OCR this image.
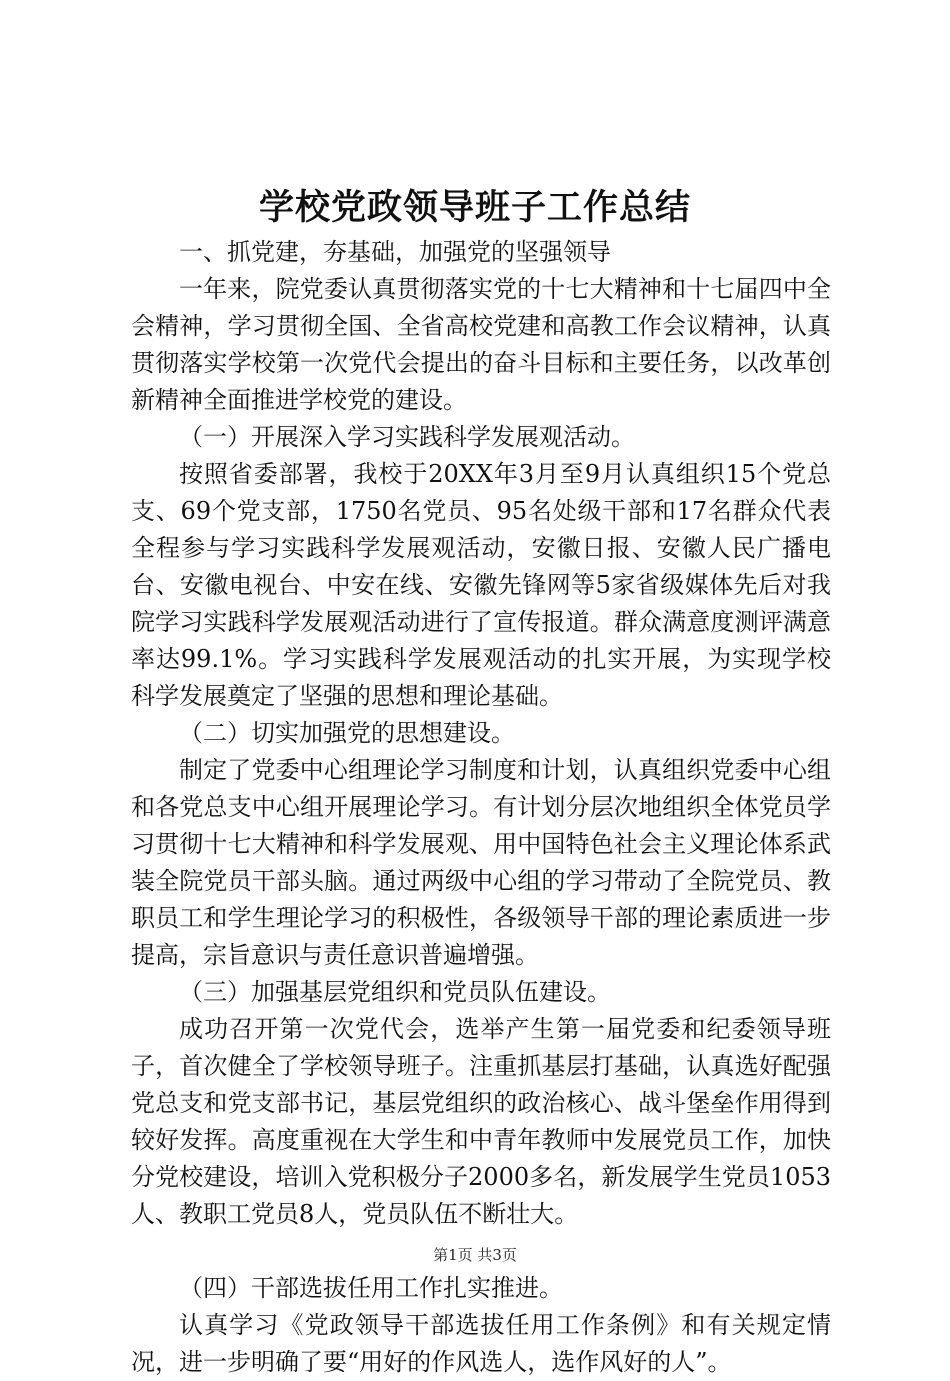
学校党政领导班子工作总结

一、抓党建，夯基础，加强党的坚强领导

一年来，院党委认真贯彻落实党的十七大精神和十七届四中全会精神，学习贯彻全国、全省高校党建和高教工作会议精神，认真贯彻落实学校第一次党代会提出的奋斗目标和主要任务，以改革创新精神全面推进学校党的建设。

（一）开展深入学习实践科学发展观活动。

按照省委部署，我校于20XX年3月至9月认真组织15个党总支、69个党支部，1750名党员、95名处级干部和17名群众代表全程参与学习实践科学发展观活动，安徽日报、安徽人民广播电台、安徽电视台、中安在线、安徽先锋网等5家省级媒体先后对我院学习实践科学发展观活动进行了宣传报道。群众满意度测评满意率达99.1%。学习实践科学发展观活动的扎实开展，为实现学校科学发展奠定了坚强的思想和理论基础。

（二）切实加强党的思想建设。

制定了党委中心组理论学习制度和计划，认真组织党委中心组和各党总支中心组开展理论学习。有计划分层次地组织全体党员学习贯彻十七大精神和科学发展观、用中国特色社会主义理论体系武装全院党员干部头脑。通过两级中心组的学习带动了全院党员、教职员工和学生理论学习的积极性，各级领导干部的理论素质进一步提高，宗旨意识与责任意识普遍增强。

（三）加强基层党组织和党员队伍建设。

成功召开第一次党代会，选举产生第一届党委和纪委领导班子，首次健全了学校领导班子。注重抓基层打基础，认真选好配强党总支和党支部书记，基层党组织的政治核心、战斗堡垒作用得到较好发挥。高度重视在大学生和中青年教师中发展党员工作，加快分党校建设，培训入党积极分子2000多名，新发展学生党员1053人、教职工党员8人，党员队伍不断壮大。

（四）干部选拔任用工作扎实推进。

认真学习《党政领导干部选拔任用工作条例》和有关规定情况，进一步明确了要“用好的作风选人，选作风好的人”。

第1页 共3页
